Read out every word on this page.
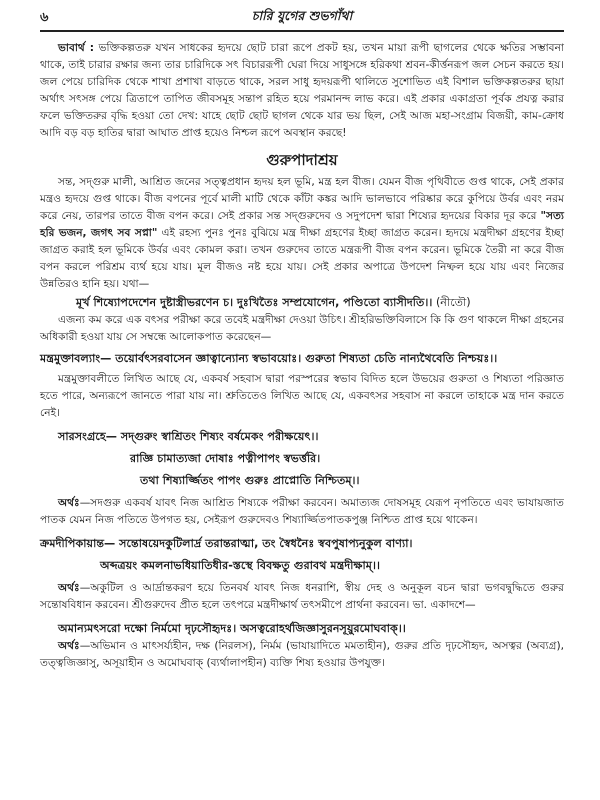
৬	চারি যুগের শুভগাঁথা

ভাবার্থ : ভক্তিকল্পতরু যখন সাধকের হৃদয়ে ছোট চারা রূপে প্রকট হয়, তখন মায়া রূপী ছাগলের থেকে ক্ষতির সম্ভাবনা থাকে, তাই চারার রক্ষার জন্য তার চারিদিকে সৎ বিচাররূপী ঘেরা দিয়ে সাধুসঙ্গে হরিকথা শ্রবন-কীর্ত্তনরূপ জল সেচন করতে হয়। জল পেয়ে চারিদিক থেকে শাখা প্রশাখা বাড়তে থাকে, সরল সাধু হৃদয়রূপী থালিতে সুশোভিত এই বিশাল ভক্তিকল্পতরুর ছায়া অর্থাৎ সৎসঙ্গ পেয়ে ত্রিতাপে তাপিত জীবসমূহ সন্তাপ রহিত হয়ে পরমানন্দ লাভ করে। এই প্রকার একাগ্রতা পূর্বক প্রযত্ন করার ফলে ভক্তিতরুর বৃদ্ধি হওয়া তো দেখ: যাহে ছোট ছোট ছাগল থেকে যার ভয় ছিল, সেই আজ মহা-সংগ্রাম বিজয়ী, কাম-ক্রোধ আদি বড় বড় হাতির দ্বারা আঘাত প্রাপ্ত হয়েও নিশ্চল রূপে অবস্থান করছে!

গুরুপাদাশ্রয়

সন্ত, সদ্গুরু মালী, আশ্রিত জনের সত্ত্বপ্রধান হৃদয় হল ভূমি, মন্ত্র হল বীজ। যেমন বীজ পৃথিবীতে গুপ্ত থাকে, সেই প্রকার মন্ত্রও হৃদয়ে গুপ্ত থাকে। বীজ বপনের পূর্বে মালী মাটি থেকে কাঁটা কঙ্কর আদি ভালভাবে পরিষ্কার করে কুপিয়ে উর্বর এবং নরম করে নেয়, তারপর তাতে বীজ বপন করে। সেই প্রকার সন্ত সদ্গুরুদেব ও সদুপদেশ দ্বারা শিষ্যের হৃদয়ের বিকার দূর করে "সত্য হরি ভজন, জগৎ সব সপ্না" এই রহস্য পুনঃ পুনঃ বুঝিয়ে মন্ত্র দীক্ষা গ্রহণের ইচ্ছা জাগ্রত করেন। হৃদয়ে মন্ত্রদীক্ষা গ্রহণের ইচ্ছা জাগ্রত করাই হল ভূমিকে উর্বর এবং কোমল করা। তখন গুরুদেব তাতে মন্ত্ররূপী বীজ বপন করেন। ভূমিকে তৈরী না করে বীজ বপন করলে পরিশ্রম ব্যর্থ হয়ে যায়। মূল বীজও নষ্ট হয়ে যায়। সেই প্রকার অপাত্রে উপদেশ নিষ্ফল হয়ে যায় এবং নিজের উন্নতিরও হানি হয়। যথা—

মূর্খ শিষ্যোপদেশেন দুষ্টাস্ত্রীভরণেন চ। দুঃখিতৈঃ সম্প্রযোগেন, পণ্ডিতো ব্যাসীদতি।। (নীতৌ)

এজন্য কম করে এক বৎসর পরীক্ষা করে তবেই মন্ত্রদীক্ষা দেওয়া উচিৎ। শ্রীহরিভক্তিবিলাসে কি কি গুণ থাকলে দীক্ষা গ্রহনের অধিকারী হওয়া যায় সে সম্বন্ধে আলোকপাত করেছেন—

মন্ত্রমুক্তাবল্যাং— তয়োর্বৎসরবাসেন জ্ঞাত্বান্যোন্য স্বভাবয়োঃ। গুরুতা শিষ্যতা চেতি নান্যথৈবেতি নিশ্চয়ঃ।।

মন্ত্রমুক্তাবলীতে লিখিত আছে যে, একবর্ষ সহবাস দ্বারা পরস্পরের স্বভাব বিদিত হলে উভয়ের গুরুতা ও শিষ্যতা পরিজ্ঞাত হতে পারে, অন্যরূপে জানতে পারা যায় না। শ্রুতিতেও লিখিত আছে যে, একবৎসর সহবাস না করলে তাহাকে মন্ত্র দান করতে নেই।

সারসংগ্রহে— সদ্গুরুং স্বাশ্রিতং শিষ্যং বর্ষমেকং পরীক্ষয়েৎ।।

রাজ্ঞি চামাত্যজা দোষাঃ পত্নীপাপং স্বভর্ত্তরি।

তথা শিষ্যার্জ্জিতং পাপং গুরুঃ প্রাপ্নোতি নিশ্চিতম্।।

অর্থঃ—সদগুরু একবর্ষ যাবৎ নিজ আশ্রিত শিষ্যকে পরীক্ষা করবেন। অমাত্যজ দোষসমূহ যেরূপ নৃপতিতে এবং ভাযায়জাত পাতক যেমন নিজ পতিতে উপগত হয়, সেইরূপ গুরুদেবও শিষ্যার্জ্জিতপাতকপুঞ্জ নিশ্চিত প্রাপ্ত হয়ে থাকেন।

ক্রমদীপিকায়ান্ত— সন্তোষয়েদকুটিলার্দ্র তরান্তরাত্মা, তং স্বৈধনৈঃ স্ববপুষাপ্যনুকুল বাণ্যা।

অব্দত্রয়ং কমলনাভধিয়াতিধীর-স্তস্থে বিবক্ষতু গুরাবথ মন্ত্রদীক্ষাম্।।

অর্থঃ—অকুটিল ও আর্দ্রান্তকরণ হয়ে তিনবর্ষ যাবৎ নিজ ধনরাশি, স্বীয় দেহ ও অনুকূল বচন দ্বারা ভগবদ্বুদ্ধিতে গুরুর সন্তোষবিধান করবেন। শ্রীগুরুদেব প্রীত হলে তৎপরে মন্ত্রদীক্ষার্থ তৎসমীপে প্রার্থনা করবেন। ভা. একাদশে—

অমান্যমৎসরো দক্ষো নির্মমো দৃঢ়সৌহৃদঃ। অসত্বরোহর্থজিজ্ঞাসুরনসূয়ুরমোঘবাক্।।

অর্থঃ—অভিমান ও মাৎসর্য্যহীন, দক্ষ (নিরলস), নির্মম (ভাযায়াদিতে মমতাহীন), গুরুর প্রতি দৃঢ়সৌহৃদ, অসত্বর (অব্যগ্র), তত্ত্বজিজ্ঞাসু, অসূয়াহীন ও অমোঘবাক্ (ব্যর্থালাপহীন) ব্যক্তি শিষ্য হওয়ার উপযুক্ত।
